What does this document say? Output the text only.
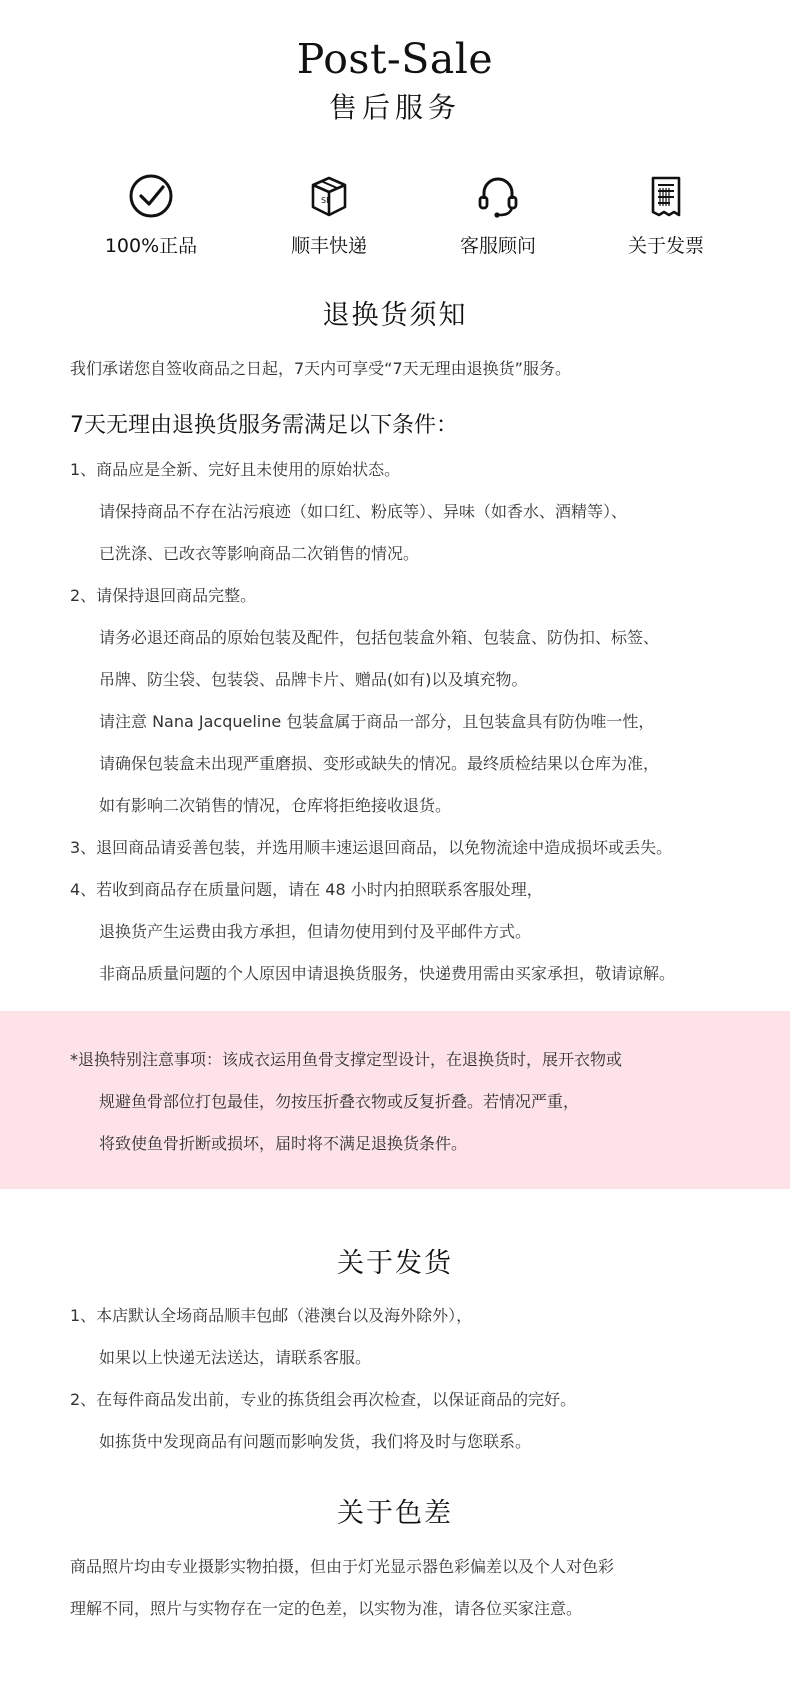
Post-Sale
售后服务
100%正品
SF
顺丰快递	客服顾问	关于发票
退换货须知
我们承诺您自签收商品之日起，7天内可享受“7天无理由退换货”服务。
7天无理由退换货服务需满足以下条件：
1、商品应是全新、完好且未使用的原始状态。
请保持商品不存在沾污痕迹（如口红、粉底等）、异味（如香水、酒精等）、
已洗涤、已改衣等影响商品二次销售的情况。
2、请保持退回商品完整。
请务必退还商品的原始包装及配件，包括包装盒外箱、包装盒、防伪扣、标签、
吊牌、防尘袋、包装袋、品牌卡片、赠品(如有)以及填充物。
请注意 Nana Jacqueline 包装盒属于商品一部分，且包装盒具有防伪唯一性，
请确保包装盒未出现严重磨损、变形或缺失的情况。最终质检结果以仓库为准，
如有影响二次销售的情况，仓库将拒绝接收退货。
3、退回商品请妥善包装，并选用顺丰速运退回商品，以免物流途中造成损坏或丢失。
4、若收到商品存在质量问题，请在 48 小时内拍照联系客服处理，
退换货产生运费由我方承担，但请勿使用到付及平邮件方式。
非商品质量问题的个人原因申请退换货服务，快递费用需由买家承担，敬请谅解。
*退换特别注意事项：该成衣运用鱼骨支撑定型设计，在退换货时，展开衣物或
规避鱼骨部位打包最佳，勿按压折叠衣物或反复折叠。若情况严重，
将致使鱼骨折断或损坏，届时将不满足退换货条件。
关于发货
1、本店默认全场商品顺丰包邮（港澳台以及海外除外），
如果以上快递无法送达，请联系客服。
2、在每件商品发出前，专业的拣货组会再次检查，以保证商品的完好。
如拣货中发现商品有问题而影响发货，我们将及时与您联系。
关于色差
商品照片均由专业摄影实物拍摄，但由于灯光显示器色彩偏差以及个人对色彩
理解不同，照片与实物存在一定的色差，以实物为准，请各位买家注意。
